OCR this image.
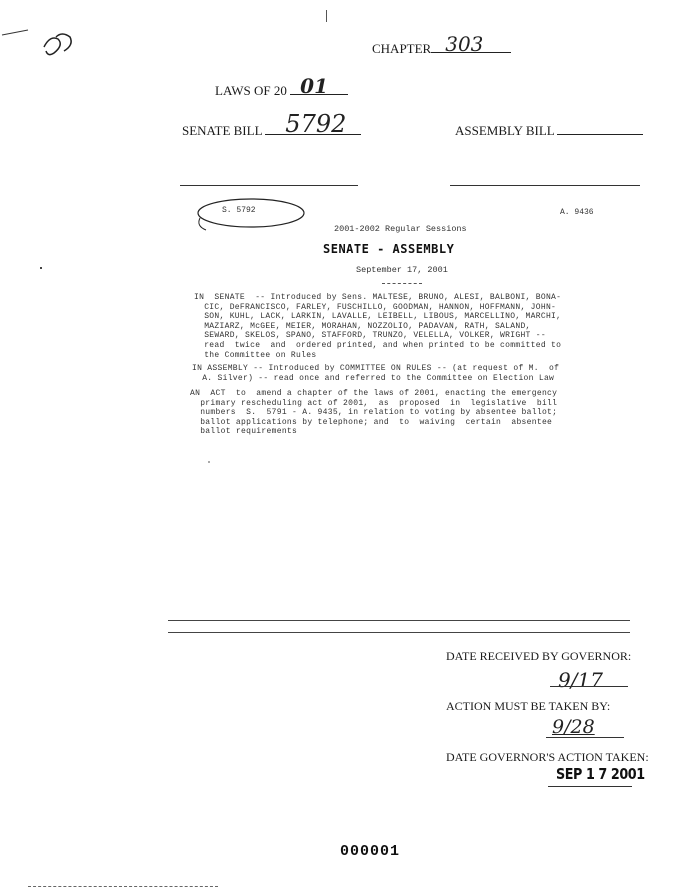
CHAPTER 303
LAWS OF 20 01
SENATE BILL 5792	ASSEMBLY BILL
S. 5792	A. 9436
2001-2002 Regular Sessions
SENATE - ASSEMBLY
September 17, 2001
IN  SENATE  -- Introduced by Sens. MALTESE, BRUNO, ALESI, BALBONI, BONA-
CIC, DeFRANCISCO, FARLEY, FUSCHILLO, GOODMAN, HANNON, HOFFMANN, JOHN-
SON, KUHL, LACK, LARKIN, LAVALLE, LEIBELL, LIBOUS, MARCELLINO, MARCHI,
MAZIARZ, McGEE, MEIER, MORAHAN, NOZZOLIO, PADAVAN, RATH, SALAND,
SEWARD, SKELOS, SPANO, STAFFORD, TRUNZO, VELELLA, VOLKER, WRIGHT --
read  twice  and  ordered printed, and when printed to be committed to
the Committee on Rules
IN ASSEMBLY -- Introduced by COMMITTEE ON RULES -- (at request of M.  of
A. Silver) -- read once and referred to the Committee on Election Law
AN  ACT  to  amend a chapter of the laws of 2001, enacting the emergency
primary rescheduling act of 2001,  as  proposed  in  legislative  bill
numbers  S.  5791 - A. 9435, in relation to voting by absentee ballot;
ballot applications by telephone; and  to  waiving  certain  absentee
ballot requirements
DATE RECEIVED BY GOVERNOR:
9/17
ACTION MUST BE TAKEN BY:
9/28
DATE GOVERNOR'S ACTION TAKEN:
SEP 1 7 2001
000001
